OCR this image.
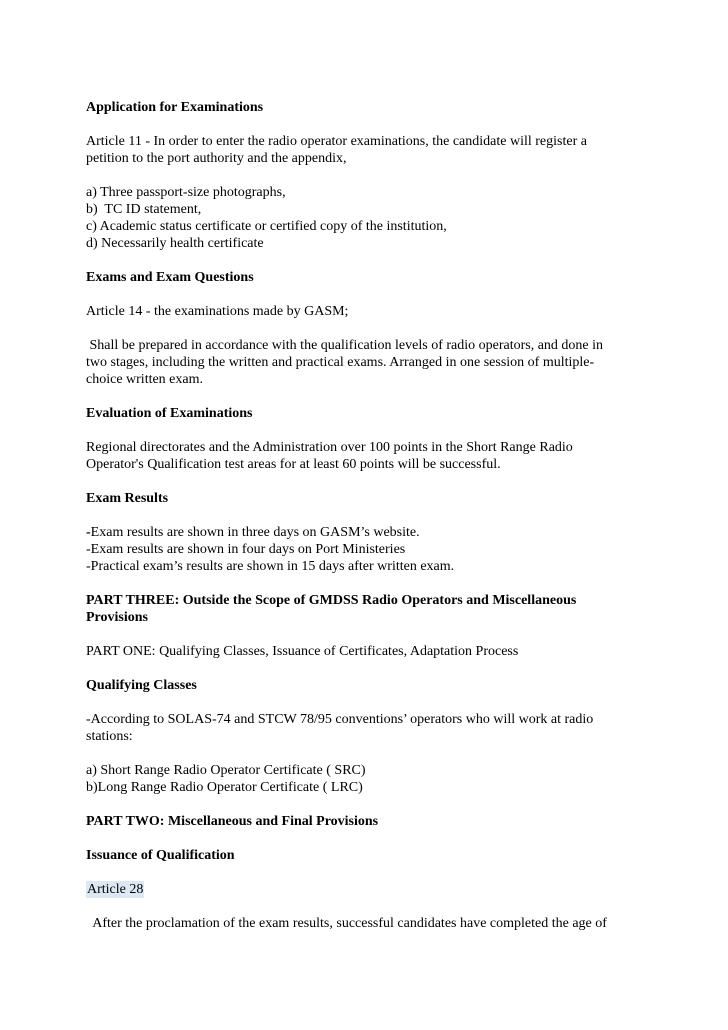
Application for Examinations
Article 11 - In order to enter the radio operator examinations, the candidate will register a
petition to the port authority and the appendix,
a) Three passport-size photographs,
b)  TC ID statement,
c) Academic status certificate or certified copy of the institution,
d) Necessarily health certificate
Exams and Exam Questions
Article 14 - the examinations made by GASM;
Shall be prepared in accordance with the qualification levels of radio operators, and done in
two stages, including the written and practical exams. Arranged in one session of multiple-
choice written exam.
Evaluation of Examinations
Regional directorates and the Administration over 100 points in the Short Range Radio
Operator's Qualification test areas for at least 60 points will be successful.
Exam Results
-Exam results are shown in three days on GASM’s website.
-Exam results are shown in four days on Port Ministeries
-Practical exam’s results are shown in 15 days after written exam.
PART THREE: Outside the Scope of GMDSS Radio Operators and Miscellaneous
Provisions
PART ONE: Qualifying Classes, Issuance of Certificates, Adaptation Process
Qualifying Classes
-According to SOLAS-74 and STCW 78/95 conventions’ operators who will work at radio
stations:
a) Short Range Radio Operator Certificate ( SRC)
b)Long Range Radio Operator Certificate ( LRC)
PART TWO: Miscellaneous and Final Provisions
Issuance of Qualification
Article 28
After the proclamation of the exam results, successful candidates have completed the age of
